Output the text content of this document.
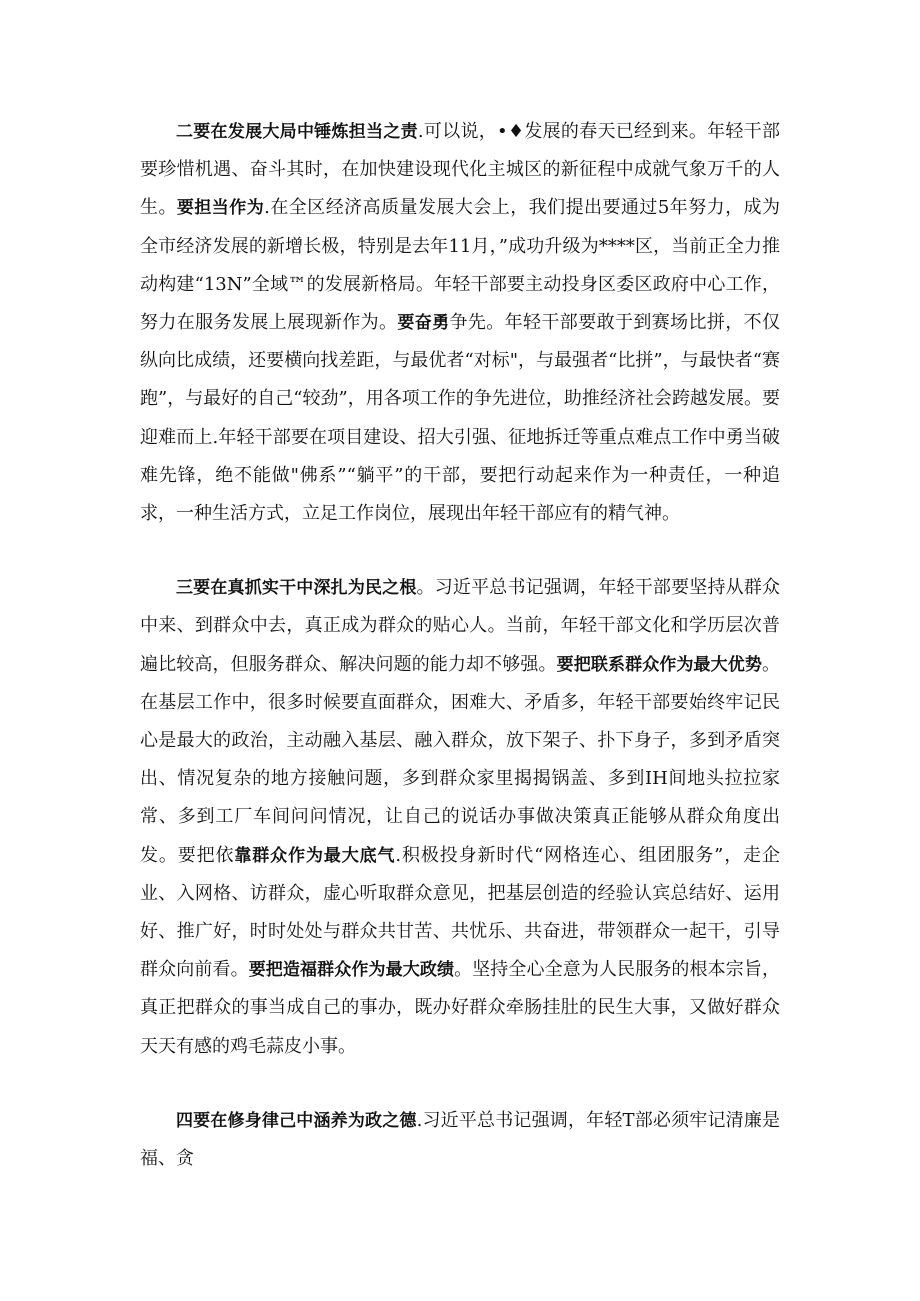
二要在发展大局中锤炼担当之责.可以说，•♦发展的春天已经到来。年轻干部要珍惜机遇、奋斗其时，在加快建设现代化主城区的新征程中成就气象万千的人生。要担当作为.在全区经济高质量发展大会上，我们提出要通过5年努力，成为全市经济发展的新增长极，特别是去年11月，”成功升级为****区，当前正全力推动构建“13N”全域™的发展新格局。年轻干部要主动投身区委区政府中心工作，努力在服务发展上展现新作为。要奋勇争先。年轻干部要敢于到赛场比拼，不仅纵向比成绩，还要横向找差距，与最优者“对标"，与最强者“比拼”，与最快者“赛跑”，与最好的自己“较劲”，用各项工作的争先进位，助推经济社会跨越发展。要迎难而上.年轻干部要在项目建设、招大引强、征地拆迁等重点难点工作中勇当破难先锋，绝不能做"佛系”“躺平”的干部，要把行动起来作为一种责任，一种追求，一种生活方式，立足工作岗位，展现出年轻干部应有的精气神。

三要在真抓实干中深扎为民之根。习近平总书记强调，年轻干部要坚持从群众中来、到群众中去，真正成为群众的贴心人。当前，年轻干部文化和学历层次普遍比较高，但服务群众、解决问题的能力却不够强。要把联系群众作为最大优势。在基层工作中，很多时候要直面群众，困难大、矛盾多，年轻干部要始终牢记民心是最大的政治，主动融入基层、融入群众，放下架子、扑下身子，多到矛盾突出、情况复杂的地方接触问题，多到群众家里揭揭锅盖、多到IH间地头拉拉家常、多到工厂车间问问情况，让自己的说话办事做决策真正能够从群众角度出发。要把依靠群众作为最大底气.积极投身新时代“网格连心、组团服务”，走企业、入网格、访群众，虚心听取群众意见，把基层创造的经验认宾总结好、运用好、推广好，时时处处与群众共甘苦、共忧乐、共奋进，带领群众一起干，引导群众向前看。要把造福群众作为最大政绩。坚持全心全意为人民服务的根本宗旨，真正把群众的事当成自己的事办，既办好群众牵肠挂肚的民生大事，又做好群众天天有感的鸡毛蒜皮小事。

四要在修身律己中涵养为政之德.习近平总书记强调，年轻T部必须牢记清廉是福、贪
